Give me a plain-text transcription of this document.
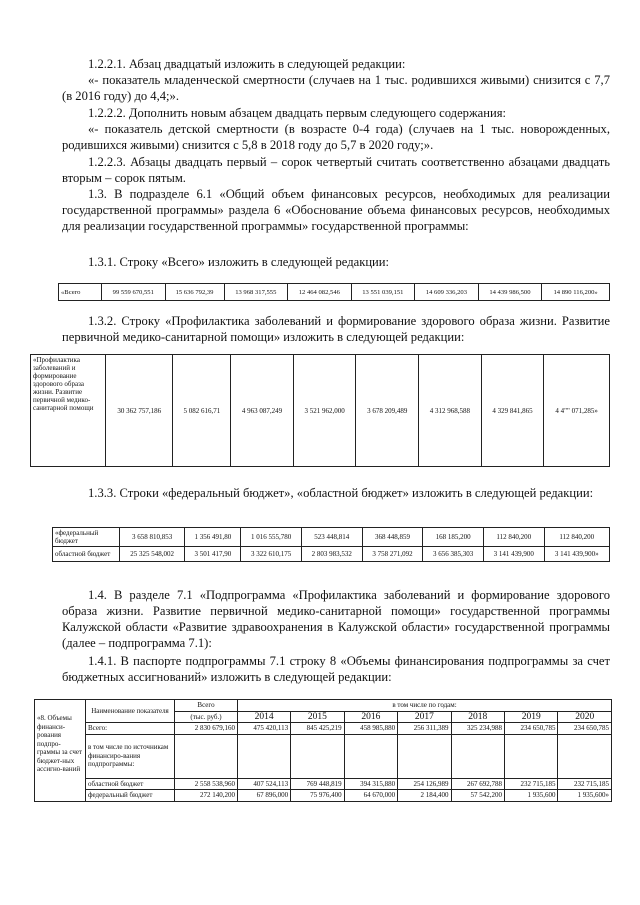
1.2.2.1. Абзац двадцатый изложить в следующей редакции:
«- показатель младенческой смертности (случаев на 1 тыс. родившихся живыми) снизится с 7,7 (в 2016 году) до 4,4;».
1.2.2.2. Дополнить новым абзацем двадцать первым следующего содержания:
«- показатель детской смертности (в возрасте 0-4 года) (случаев на 1 тыс. новорожденных, родившихся живыми) снизится с 5,8 в 2018 году до 5,7 в 2020 году;».
1.2.2.3. Абзацы двадцать первый – сорок четвертый считать соответственно абзацами двадцать вторым – сорок пятым.
1.3. В подразделе 6.1 «Общий объем финансовых ресурсов, необходимых для реализации государственной программы» раздела 6 «Обоснование объема финансовых ресурсов, необходимых для реализации государственной программы» государственной программы:
1.3.1. Строку «Всего» изложить в следующей редакции:
«Всего	99 559 670,551	15 636 792,39	13 968 317,555	12 464 082,546	13 551 039,151	14 609 336,203	14 439 986,500	14 890 116,200»
1.3.2. Строку «Профилактика заболеваний и формирование здорового образа жизни. Развитие первичной медико-санитарной помощи» изложить в следующей редакции:
«Профилактика заболеваний и формирование здорового образа жизни. Развитие первичной медико-санитарной помощи	30 362 757,186	5 082 616,71	4 963 087,249	3 521 962,000	3 678 209,489	4 312 968,588	4 329 841,865	4 4"" 071,285»
1.3.3. Строки «федеральный бюджет», «областной бюджет» изложить в следующей редакции:
«федеральный бюджет	3 658 810,853	1 356 491,80	1 016 555,780	523 448,814	368 448,859	168 185,200	112 840,200	112 840,200
областной бюджет	25 325 548,002	3 501 417,90	3 322 610,175	2 803 983,532	3 758 271,092	3 656 385,303	3 141 439,900	3 141 439,900»
1.4. В разделе 7.1 «Подпрограмма «Профилактика заболеваний и формирование здорового образа жизни. Развитие первичной медико-санитарной помощи» государственной программы Калужской области «Развитие здравоохранения в Калужской области» государственной программы (далее – подпрограмма 7.1):
1.4.1. В паспорте подпрограммы 7.1 строку 8 «Объемы финансирования подпрограммы за счет бюджетных ассигнований» изложить в следующей редакции:
«8. Объемы финанси-рования подпро-граммы за счет бюджет-ных ассигно-ваний	Наименование показателя	Всего	в том числе по годам:						
		(тыс. руб.)	2014	2015	2016	2017	2018	2019	2020
	Всего:	2 830 679,160	475 420,113	845 425,219	458 985,880	256 311,389	325 234,988	234 650,785	234 650,785
	в том числе по источникам финансиро-вания подпрограммы:								
	областной бюджет	2 558 538,960	407 524,113	769 448,819	394 315,880	254 126,989	267 692,788	232 715,185	232 715,185
	федеральный бюджет	272 140,200	67 896,000	75 976,400	64 670,000	2 184,400	57 542,200	1 935,600	1 935,600»
